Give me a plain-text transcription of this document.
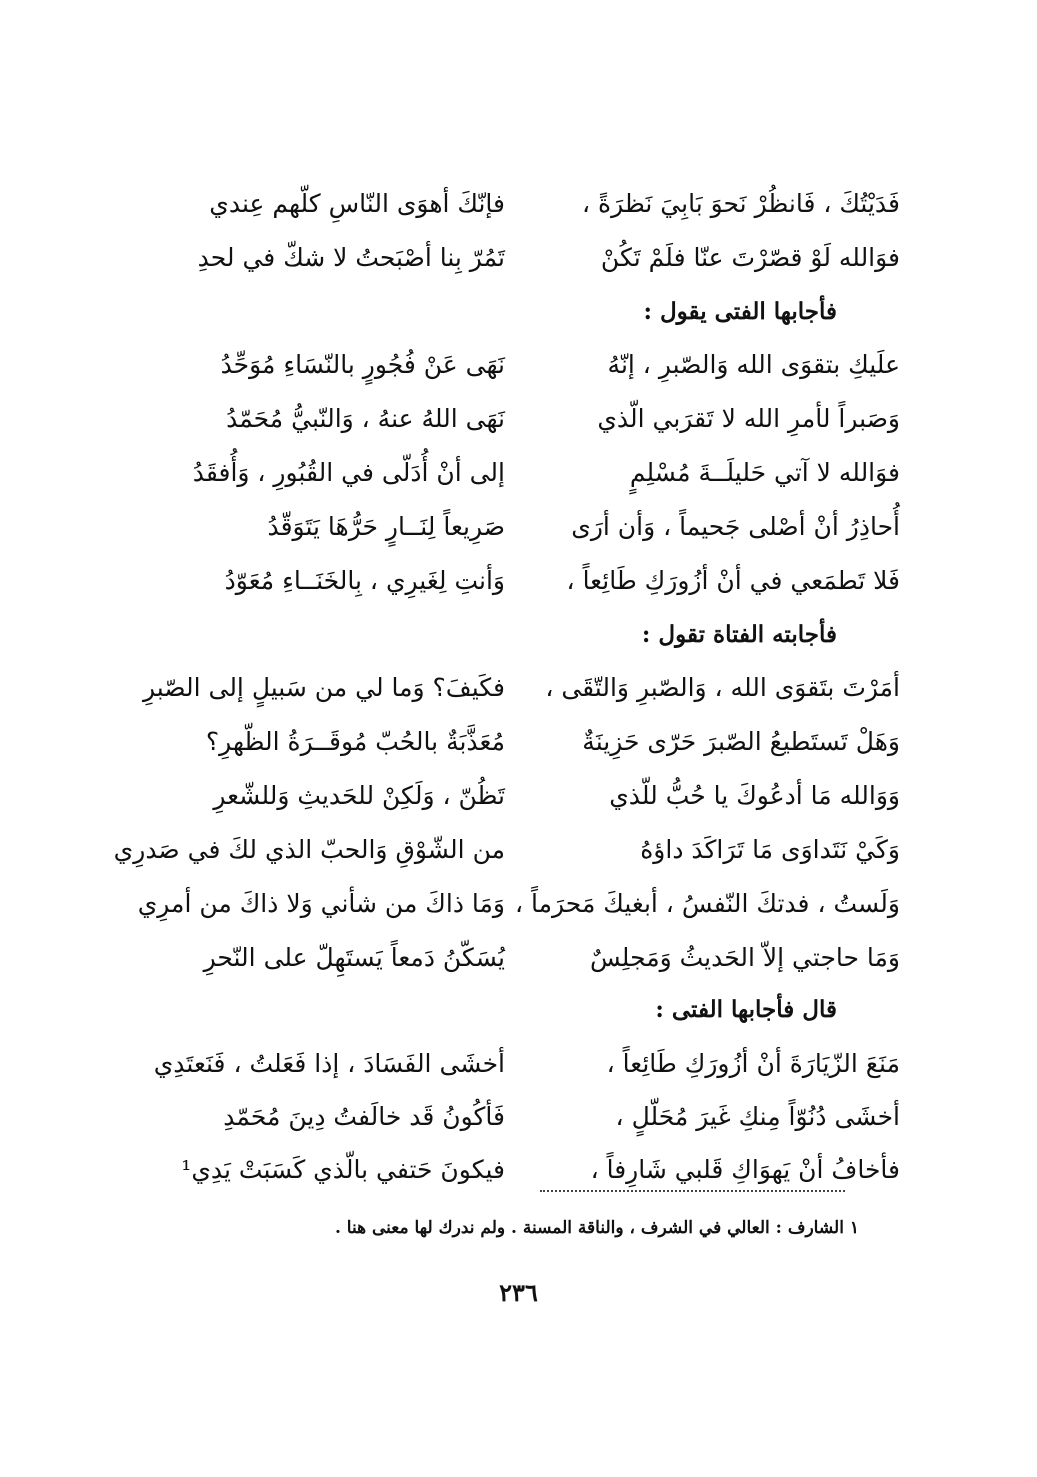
فَدَيْتُكَ ، فَانظُرْ نَحوَ بَابِيَ نَظرَةً ،
فإنّكَ أهوَى النّاسِ كلّهم عِندي
فوَالله لَوْ قصّرْتَ عنّا فلَمْ تَكُنْ
تَمُرّ بِنا أصْبَحتُ لا شكّ في لحدِ
فأجابها الفتى يقول :
علَيكِ بتقوَى الله وَالصّبرِ ، إنّهُ
نَهَى عَنْ فُجُورٍ بالنّسَاءِ مُوَحِّدُ
وَصَبراً لأمرِ الله لا تَقرَبي الّذي
نَهَى اللهُ عنهُ ، وَالنّبيُّ مُحَمّدُ
فوَالله لا آتي حَليلَــةَ مُسْلِمٍ
إلى أنْ أُدَلّى في القُبُورِ ، وَأُفقَدُ
أُحاذِرُ أنْ أصْلى جَحيماً ، وَأن أرَى
صَرِيعاً لِنَــارٍ حَرُّهَا يَتَوَقّدُ
فَلا تَطمَعي في أنْ أزُورَكِ طَائِعاً ،
وَأنتِ لِغَيرِي ، بِالخَنَــاءِ مُعَوّدُ
فأجابته الفتاة تقول :
أمَرْتَ بتَقوَى الله ، وَالصّبرِ وَالتّقَى ،
فكَيفَ؟ وَما لي من سَبيلٍ إلى الصّبرِ
وَهَلْ تَستَطيعُ الصّبرَ حَرّى حَزِينَةٌ
مُعَذَّبَةٌ بالحُبّ مُوقَــرَةُ الظّهرِ؟
وَوَالله مَا أدعُوكَ يا حُبُّ للّذي
تَظُنّ ، وَلَكِنْ للحَديثِ وَللشّعرِ
وَكَيْ نَتَداوَى مَا تَرَاكَدَ داؤهُ
من الشّوْقِ وَالحبّ الذي لكَ في صَدرِي
وَلَستُ ، فدتكَ النّفسُ ، أبغيكَ مَحرَماً ،
وَمَا ذاكَ من شأني وَلا ذاكَ من أمرِي
وَمَا حاجتي إلاّ الحَديثُ وَمَجلِسٌ
يُسَكّنُ دَمعاً يَستَهِلّ على النّحرِ
قال فأجابها الفتى :
مَنَعَ الزّيَارَةَ أنْ أزُورَكِ طَائِعاً ،
أخشَى الفَسَادَ ، إذا فَعَلتُ ، فَنَعتَدِي
أخشَى دُنُوّاً مِنكِ غَيرَ مُحَلّلٍ ،
فَأكُونُ قَد خالَفتُ دِينَ مُحَمّدِ
فأخافُ أنْ يَهوَاكِ قَلبي شَارِفاً ،
فيكونَ حَتفي بالّذي كَسَبَتْ يَدِي¹
١ الشارف : العالي في الشرف ، والناقة المسنة . ولم ندرك لها معنى هنا .
٢٣٦
